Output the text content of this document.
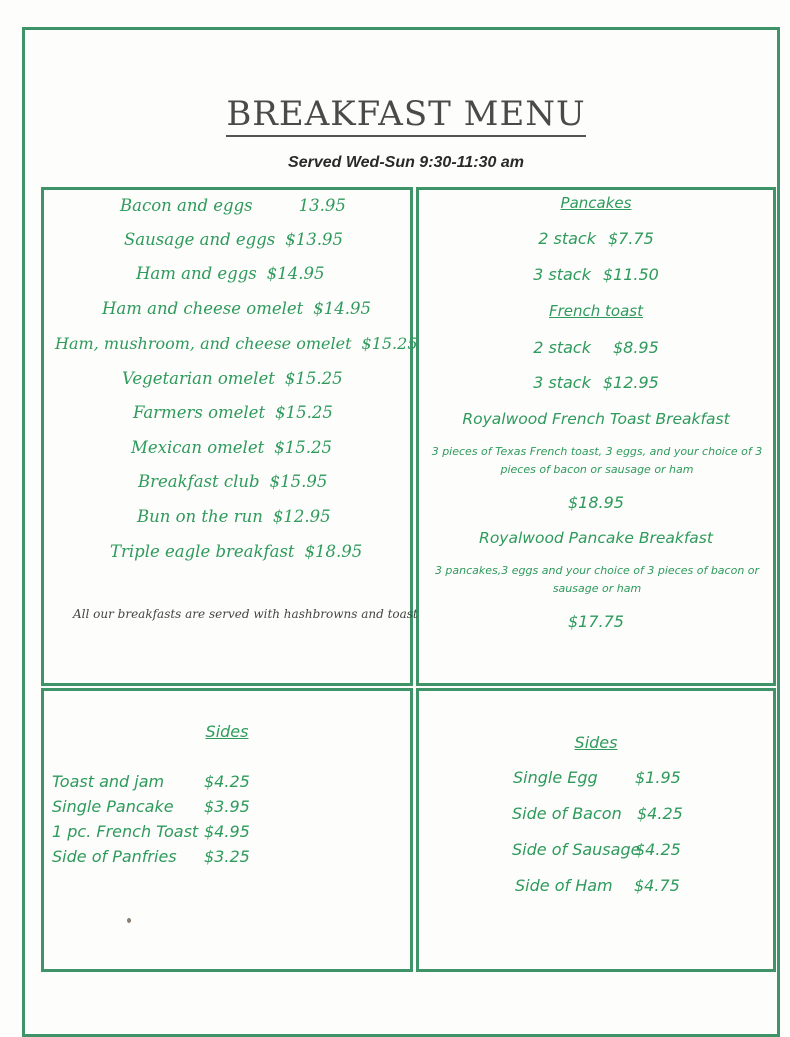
BREAKFAST MENU
Served Wed-Sun 9:30-11:30 am
Bacon and eggs	13.95
Sausage and eggs $13.95
Ham and eggs $14.95
Ham and cheese omelet $14.95
Ham, mushroom, and cheese omelet $15.25
Vegetarian omelet $15.25
Farmers omelet $15.25
Mexican omelet $15.25
Breakfast club $15.95
Bun on the run $12.95
Triple eagle breakfast $18.95
All our breakfasts are served with hashbrowns and toast
Pancakes
2 stack $7.75
3 stack $11.50
French toast
2 stack $8.95
3 stack $12.95
Royalwood French Toast Breakfast
3 pieces of Texas French toast, 3 eggs, and your choice of 3 pieces of bacon or sausage or ham
$18.95
Royalwood Pancake Breakfast
3 pancakes,3 eggs and your choice of 3 pieces of bacon or sausage or ham
$17.75
Sides
Toast and jam $4.25
Single Pancake $3.95
1 pc. French Toast $4.95
Side of Panfries $3.25
Sides
Single Egg $1.95
Side of Bacon $4.25
Side of Sausage
$4.25
Side of Ham $4.75
